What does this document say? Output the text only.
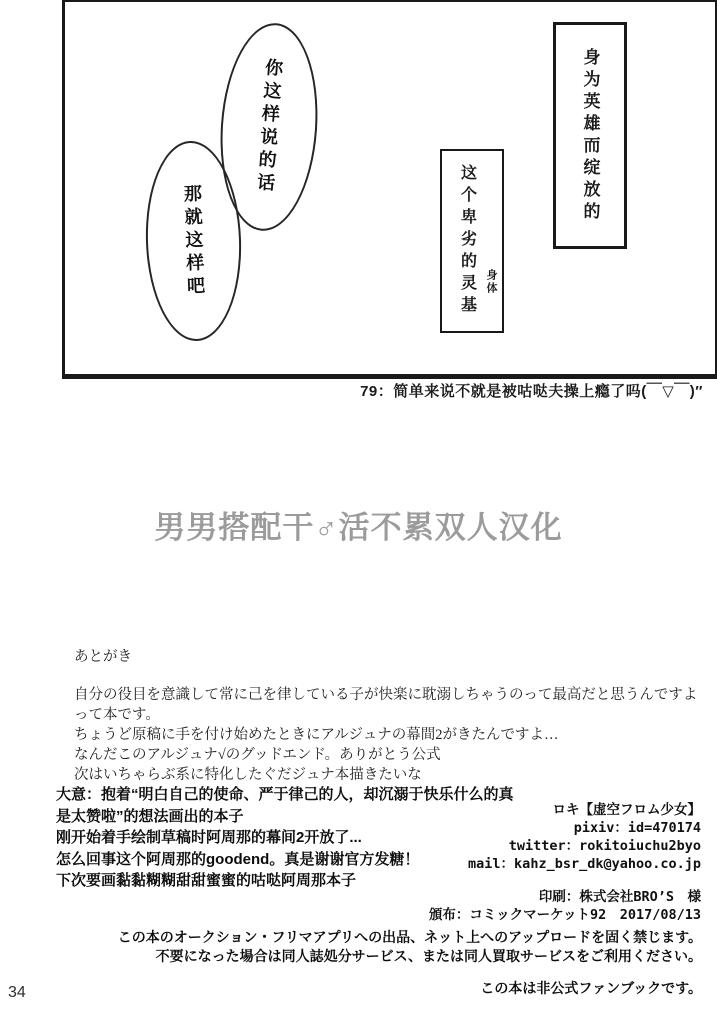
你这样说的话
那就这样吧	这个卑劣的灵基 身体
身为英雄而绽放的
79：简单来说不就是被咕哒夫操上瘾了吗(￣▽￣)″
男男搭配干♂活不累双人汉化
あとがき
自分の役目を意識して常に己を律している子が快楽に耽溺しちゃうのって最高だと思うんですよ
って本です。
ちょうど原稿に手を付け始めたときにアルジュナの幕間2がきたんですよ…
なんだこのアルジュナ√のグッドエンド。ありがとう公式
次はいちゃらぶ系に特化したぐだジュナ本描きたいな
大意：抱着“明白自己的使命、严于律己的人，却沉溺于快乐什么的真
是太赞啦”的想法画出的本子
刚开始着手绘制草稿时阿周那的幕间2开放了...
怎么回事这个阿周那的goodend。真是谢谢官方发糖！
下次要画黏黏糊糊甜甜蜜蜜的咕哒阿周那本子
ロキ【虚空フロム少女】
pixiv：id=470174
twitter：rokitoiuchu2byo
mail：kahz_bsr_dk@yahoo.co.jp
印刷：株式会社BRO’S　様
頒布：コミックマーケット92　2017/08/13
この本のオークション・フリマアプリへの出品、ネット上へのアップロードを固く禁じます。
不要になった場合は同人誌処分サービス、または同人買取サービスをご利用ください。
この本は非公式ファンブックです。
34
